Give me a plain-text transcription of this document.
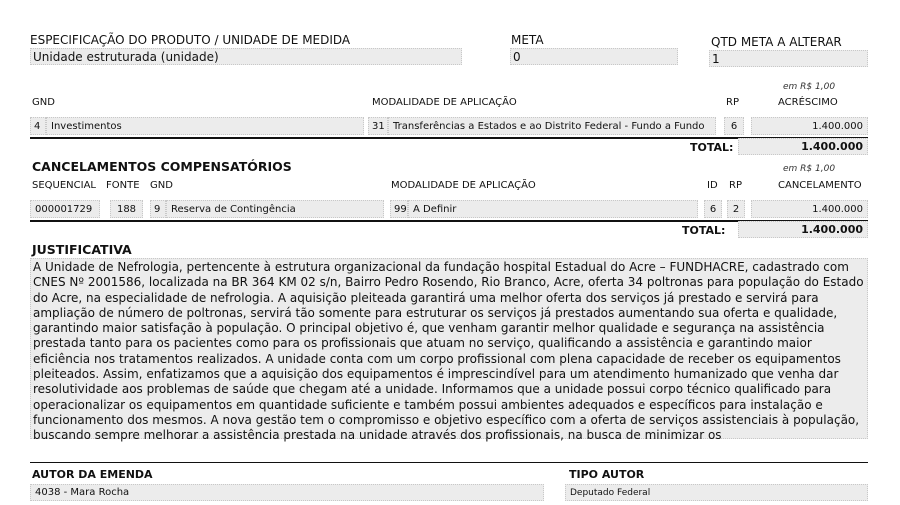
ESPECIFICAÇÃO DO PRODUTO / UNIDADE DE MEDIDA
Unidade estruturada (unidade)
META
0
QTD META A ALTERAR
1
em R$ 1,00
GND	MODALIDADE DE APLICAÇÃO	RP	ACRÉSCIMO
4	Investimentos	31 Transferências a Estados e ao Distrito Federal - Fundo a Fundo	6	1.400.000
TOTAL:	1.400.000
CANCELAMENTOS COMPENSATÓRIOS	em R$ 1,00
SEQUENCIAL FONTE GND	MODALIDADE DE APLICAÇÃO	ID RP	CANCELAMENTO
000001729	188	9	Reserva de Contingência	99 A Definir	6	2	1.400.000
TOTAL:	1.400.000
JUSTIFICATIVA
A Unidade de Nefrologia, pertencente à estrutura organizacional da fundação hospital Estadual do Acre – FUNDHACRE, cadastrado com CNES Nº 2001586, localizada na BR 364 KM 02 s/n, Bairro Pedro Rosendo, Rio Branco, Acre, oferta 34 poltronas para população do Estado do Acre, na especialidade de nefrologia. A aquisição pleiteada garantirá uma melhor oferta dos serviços já prestado e servirá para ampliação de número de poltronas, servirá tão somente para estruturar os serviços já prestados aumentando sua oferta e qualidade, garantindo maior satisfação à população. O principal objetivo é, que venham garantir melhor qualidade e segurança na assistência prestada tanto para os pacientes como para os profissionais que atuam no serviço, qualificando a assistência e garantindo maior eficiência nos tratamentos realizados. A unidade conta com um corpo profissional com plena capacidade de receber os equipamentos pleiteados. Assim, enfatizamos que a aquisição dos equipamentos é imprescindível para um atendimento humanizado que venha dar resolutividade aos problemas de saúde que chegam até a unidade. Informamos que a unidade possui corpo técnico qualificado para operacionalizar os equipamentos em quantidade suficiente e também possui ambientes adequados e específicos para instalação e funcionamento dos mesmos. A nova gestão tem o compromisso e objetivo específico com a oferta de serviços assistenciais à população, buscando sempre melhorar a assistência prestada na unidade através dos profissionais, na busca de minimizar os
AUTOR DA EMENDA
4038 - Mara Rocha
TIPO AUTOR
Deputado Federal
